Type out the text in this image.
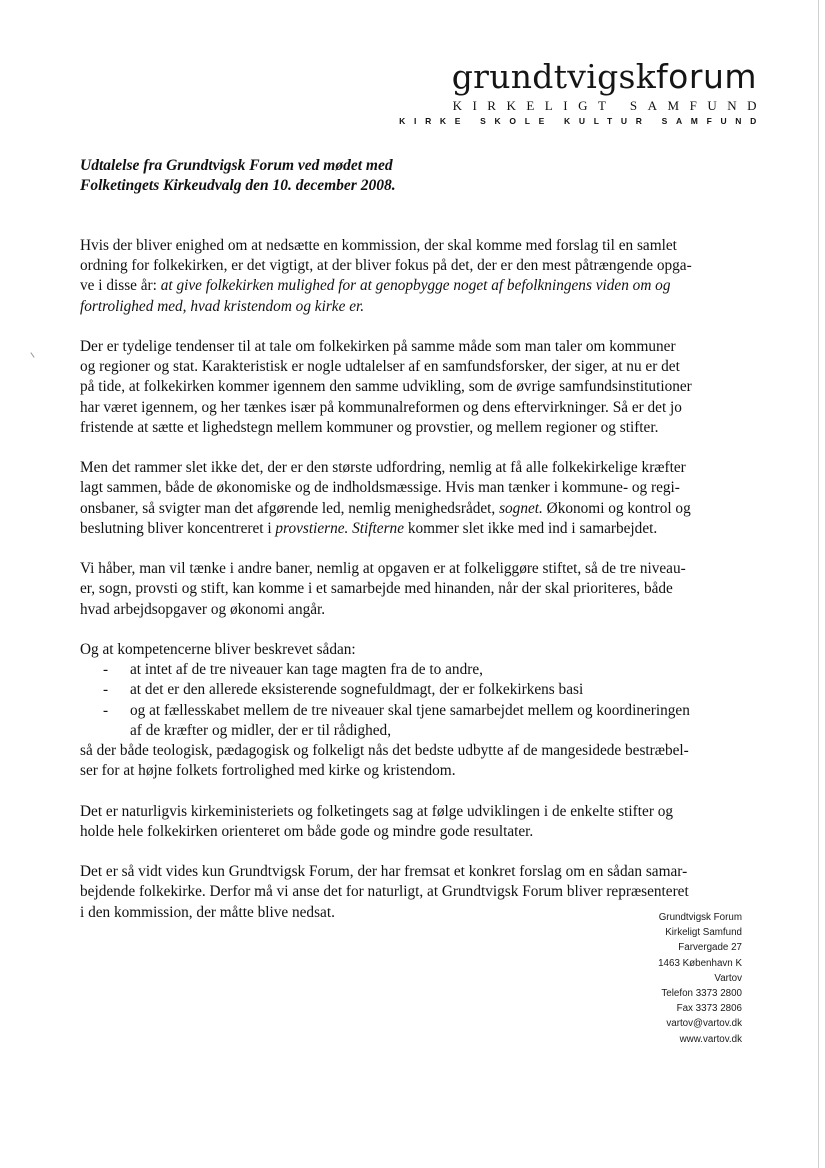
grundtvigskforum
KIRKELIGT SAMFUND
KIRKE SKOLE KULTUR SAMFUND
Udtalelse fra Grundtvigsk Forum ved mødet med
Folketingets Kirkeudvalg den 10. december 2008.
Hvis der bliver enighed om at nedsætte en kommission, der skal komme med forslag til en samlet
ordning for folkekirken, er det vigtigt, at der bliver fokus på det, der er den mest påtrængende opga-
ve i disse år: at give folkekirken mulighed for at genopbygge noget af befolkningens viden om og
fortrolighed med, hvad kristendom og kirke er.
Der er tydelige tendenser til at tale om folkekirken på samme måde som man taler om kommuner
og regioner og stat. Karakteristisk er nogle udtalelser af en samfundsforsker, der siger, at nu er det
på tide, at folkekirken kommer igennem den samme udvikling, som de øvrige samfundsinstitutioner
har været igennem, og her tænkes især på kommunalreformen og dens eftervirkninger. Så er det jo
fristende at sætte et lighedstegn mellem kommuner og provstier, og mellem regioner og stifter.
Men det rammer slet ikke det, der er den største udfordring, nemlig at få alle folkekirkelige kræfter
lagt sammen, både de økonomiske og de indholdsmæssige. Hvis man tænker i kommune- og regi-
onsbaner, så svigter man det afgørende led, nemlig menighedsrådet, sognet. Økonomi og kontrol og
beslutning bliver koncentreret i provstierne. Stifterne kommer slet ikke med ind i samarbejdet.
Vi håber, man vil tænke i andre baner, nemlig at opgaven er at folkeliggøre stiftet, så de tre niveau-
er, sogn, provsti og stift, kan komme i et samarbejde med hinanden, når der skal prioriteres, både
hvad arbejdsopgaver og økonomi angår.
Og at kompetencerne bliver beskrevet sådan:
- at intet af de tre niveauer kan tage magten fra de to andre,
- at det er den allerede eksisterende sognefuldmagt, der er folkekirkens basi
- og at fællesskabet mellem de tre niveauer skal tjene samarbejdet mellem og koordineringen
af de kræfter og midler, der er til rådighed,
så der både teologisk, pædagogisk og folkeligt nås det bedste udbytte af de mangesidede bestræbel-
ser for at højne folkets fortrolighed med kirke og kristendom.
Det er naturligvis kirkeministeriets og folketingets sag at følge udviklingen i de enkelte stifter og
holde hele folkekirken orienteret om både gode og mindre gode resultater.
Det er så vidt vides kun Grundtvigsk Forum, der har fremsat et konkret forslag om en sådan samar-
bejdende folkekirke. Derfor må vi anse det for naturligt, at Grundtvigsk Forum bliver repræsenteret
i den kommission, der måtte blive nedsat.	Grundtvigsk Forum
Kirkeligt Samfund
Farvergade 27
1463 København K
Vartov
Telefon 3373 2800
Fax 3373 2806
vartov@vartov.dk
www.vartov.dk
